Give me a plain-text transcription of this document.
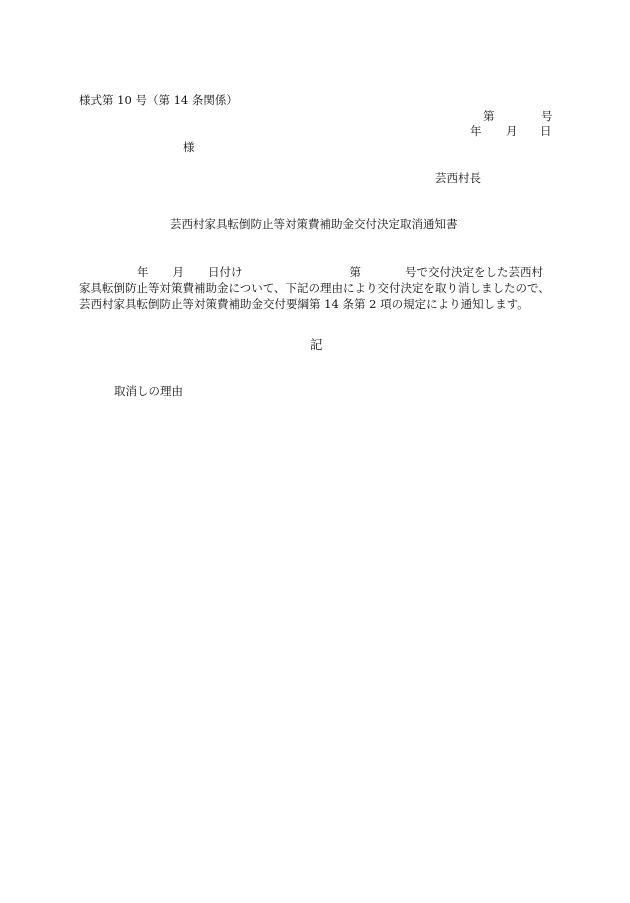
様式第 10 号（第 14 条関係）
第	号
年 月 日
様
芸西村長
芸西村家具転倒防止等対策費補助金交付決定取消通知書
年 月 日付け	第	号で交付決定をした芸西村
家具転倒防止等対策費補助金について、下記の理由により交付決定を取り消しましたので、
芸西村家具転倒防止等対策費補助金交付要綱第 14 条第 2 項の規定により通知します。
記
取消しの理由
